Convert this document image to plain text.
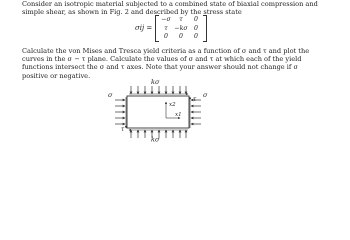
Consider an isotropic material subjected to a combined state of biaxial compression and simple shear, as shown in Fig. 2 and described by the stress state

σij =
−σ	τ	0
τ	−kσ	0
0	0	0

Calculate the von Mises and Tresca yield criteria as a function of σ and τ and plot the curves in the σ − τ plane. Calculate the values of σ and τ at which each of the yield functions intersect the σ and τ axes. Note that your answer should not change if σ positive or negative.

kσ
kσ
σ	σ
τ
τ
x2
x1
